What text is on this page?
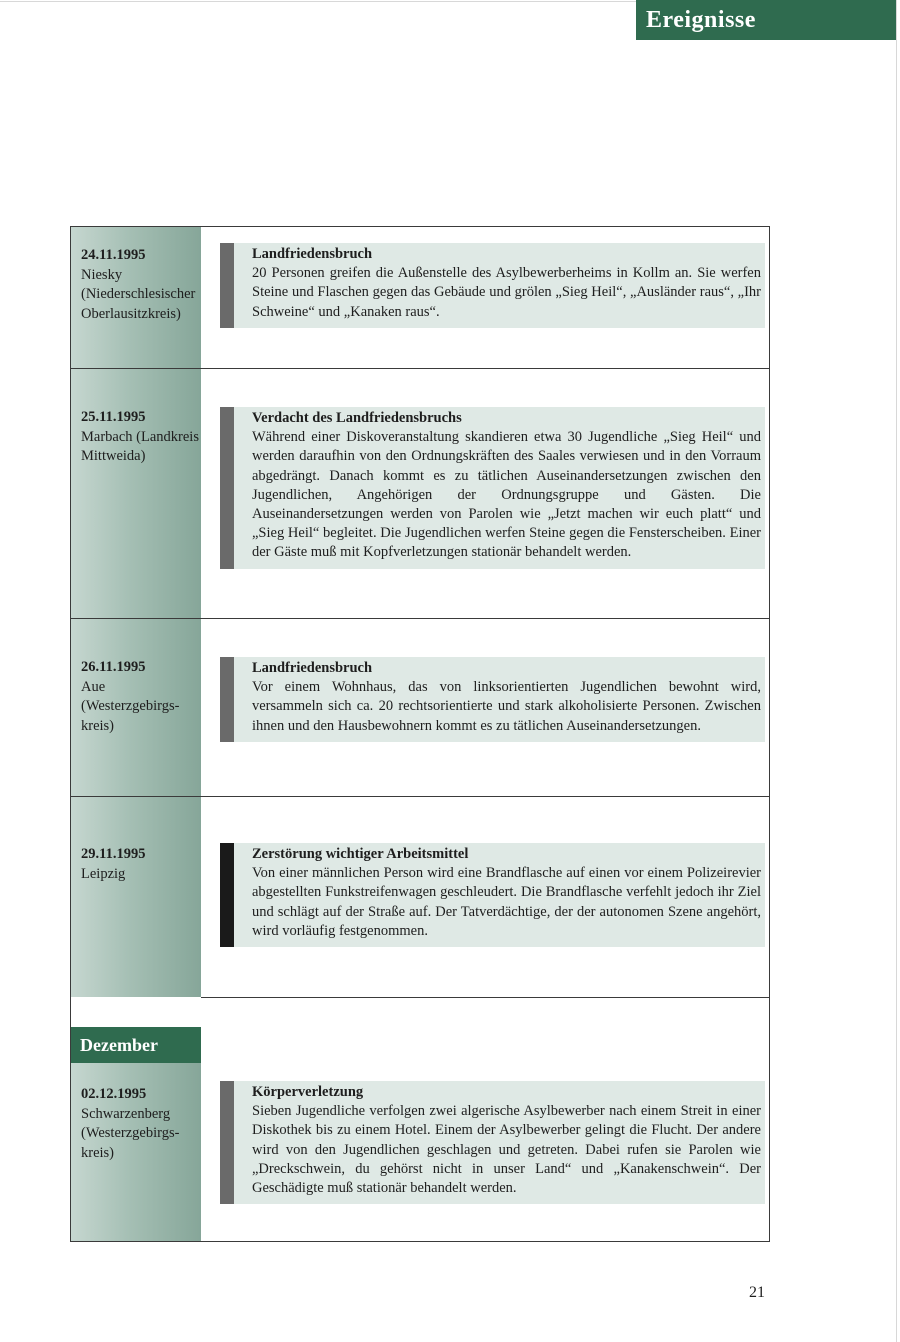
Ereignisse
Dezember
24.11.1995
Niesky (Niederschlesischer Oberlausitzkreis)
Landfriedensbruch
20 Personen greifen die Außenstelle des Asylbewerberheims in Kollm an. Sie werfen Steine und Flaschen gegen das Gebäude und grölen „Sieg Heil“, „Ausländer raus“, „Ihr Schweine“ und „Kanaken raus“.
25.11.1995
Marbach (Landkreis Mittweida)
Verdacht des Landfriedensbruchs
Während einer Diskoveranstaltung skandieren etwa 30 Jugendliche „Sieg Heil“ und werden daraufhin von den Ordnungskräften des Saales verwiesen und in den Vorraum abgedrängt. Danach kommt es zu tätlichen Auseinandersetzungen zwischen den Jugendlichen, Angehörigen der Ordnungsgruppe und Gästen. Die Auseinandersetzungen werden von Parolen wie „Jetzt machen wir euch platt“ und „Sieg Heil“ begleitet. Die Jugendlichen werfen Steine gegen die Fensterscheiben. Einer der Gäste muß mit Kopfverletzungen stationär behandelt werden.
26.11.1995
Aue (Westerzgebirgskreis)
Landfriedensbruch
Vor einem Wohnhaus, das von linksorientierten Jugendlichen bewohnt wird, versammeln sich ca. 20 rechtsorientierte und stark alkoholisierte Personen. Zwischen ihnen und den Hausbewohnern kommt es zu tätlichen Auseinandersetzungen.
29.11.1995
Leipzig
Zerstörung wichtiger Arbeitsmittel
Von einer männlichen Person wird eine Brandflasche auf einen vor einem Polizeirevier abgestellten Funkstreifenwagen geschleudert. Die Brandflasche verfehlt jedoch ihr Ziel und schlägt auf der Straße auf. Der Tatverdächtige, der der autonomen Szene angehört, wird vorläufig festgenommen.
02.12.1995
Schwarzenberg (Westerzgebirgskreis)
Körperverletzung
Sieben Jugendliche verfolgen zwei algerische Asylbewerber nach einem Streit in einer Diskothek bis zu einem Hotel. Einem der Asylbewerber gelingt die Flucht. Der andere wird von den Jugendlichen geschlagen und getreten. Dabei rufen sie Parolen wie „Dreckschwein, du gehörst nicht in unser Land“ und „Kanakenschwein“. Der Geschädigte muß stationär behandelt werden.
21
